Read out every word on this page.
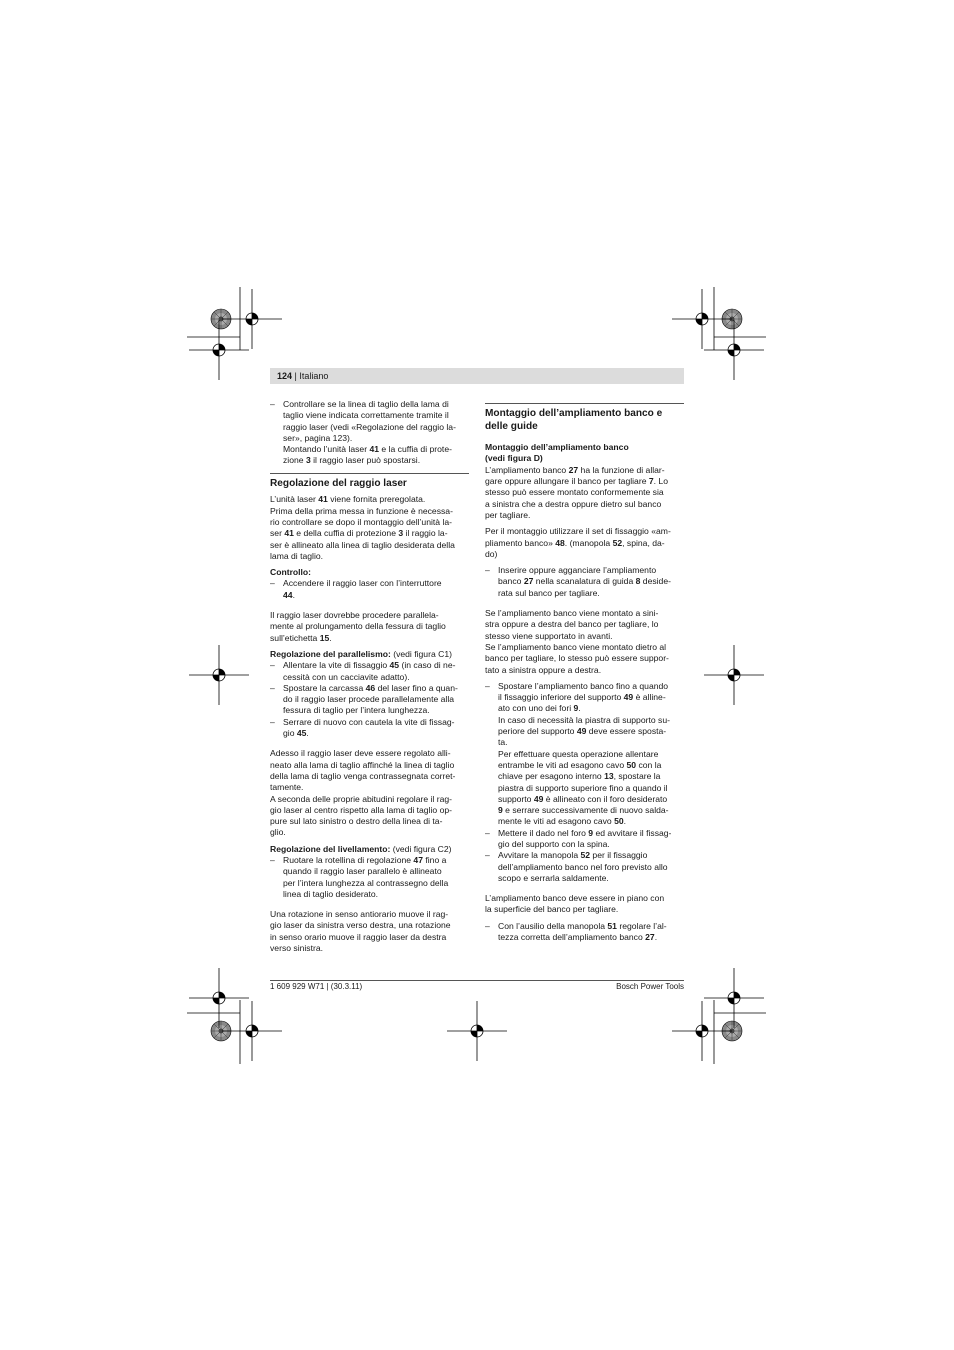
124 | Italiano
– Controllare se la linea di taglio della lama di

taglio viene indicata correttamente tramite il

raggio laser (vedi «Regolazione del raggio la-

ser», pagina 123).

Montando l’unità laser 41 e la cuffia di prote-

zione 3 il raggio laser può spostarsi.

Regolazione del raggio laser

L’unità laser 41 viene fornita preregolata.

Prima della prima messa in funzione è necessa-

rio controllare se dopo il montaggio dell’unità la-

ser 41 e della cuffia di protezione 3 il raggio la-

ser è allineato alla linea di taglio desiderata della

lama di taglio.

Controllo:

– Accendere il raggio laser con l’interruttore

44.

Il raggio laser dovrebbe procedere parallela-

mente al prolungamento della fessura di taglio

sull’etichetta 15.

Regolazione del parallelismo: (vedi figura C1)

– Allentare la vite di fissaggio 45 (in caso di ne-

cessità con un cacciavite adatto).

– Spostare la carcassa 46 del laser fino a quan-

do il raggio laser procede parallelamente alla

fessura di taglio per l’intera lunghezza.

– Serrare di nuovo con cautela la vite di fissag-

gio 45.

Adesso il raggio laser deve essere regolato alli-

neato alla lama di taglio affinché la linea di taglio

della lama di taglio venga contrassegnata corret-

tamente.

A seconda delle proprie abitudini regolare il rag-

gio laser al centro rispetto alla lama di taglio op-

pure sul lato sinistro o destro della linea di ta-

glio.

Regolazione del livellamento: (vedi figura C2)

– Ruotare la rotellina di regolazione 47 fino a

quando il raggio laser parallelo è allineato

per l’intera lunghezza al contrassegno della

linea di taglio desiderato.

Una rotazione in senso antiorario muove il rag-

gio laser da sinistra verso destra, una rotazione

in senso orario muove il raggio laser da destra

verso sinistra.

Montaggio dell’ampliamento banco e
delle guide

Montaggio dell’ampliamento banco

(vedi figura D)

L’ampliamento banco 27 ha la funzione di allar-

gare oppure allungare il banco per tagliare 7. Lo

stesso può essere montato conformemente sia

a sinistra che a destra oppure dietro sul banco

per tagliare.

Per il montaggio utilizzare il set di fissaggio «am-

pliamento banco» 48. (manopola 52, spina, da-

do)

– Inserire oppure agganciare l’ampliamento

banco 27 nella scanalatura di guida 8 deside-

rata sul banco per tagliare.

Se l’ampliamento banco viene montato a sini-

stra oppure a destra del banco per tagliare, lo

stesso viene supportato in avanti.

Se l’ampliamento banco viene montato dietro al

banco per tagliare, lo stesso può essere suppor-

tato a sinistra oppure a destra.

– Spostare l’ampliamento banco fino a quando

il fissaggio inferiore del supporto 49 è alline-

ato con uno dei fori 9.

In caso di necessità la piastra di supporto su-

periore del supporto 49 deve essere sposta-

ta.

Per effettuare questa operazione allentare

entrambe le viti ad esagono cavo 50 con la

chiave per esagono interno 13, spostare la

piastra di supporto superiore fino a quando il

supporto 49 è allineato con il foro desiderato

9 e serrare successivamente di nuovo salda-

mente le viti ad esagono cavo 50.

– Mettere il dado nel foro 9 ed avvitare il fissag-

gio del supporto con la spina.

– Avvitare la manopola 52 per il fissaggio

dell’ampliamento banco nel foro previsto allo

scopo e serrarla saldamente.

L’ampliamento banco deve essere in piano con

la superficie del banco per tagliare.

– Con l’ausilio della manopola 51 regolare l’al-

tezza corretta dell’ampliamento banco 27.

1 609 929 W71 | (30.3.11)	Bosch Power Tools
